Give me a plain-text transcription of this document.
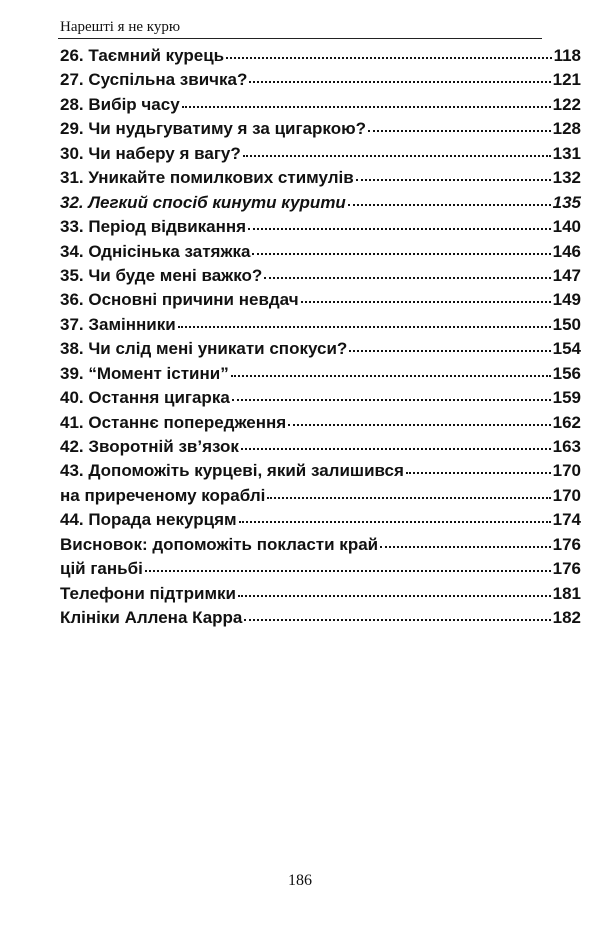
Нарешті я не курю
26. Таємний курець	118
27. Суспільна звичка?	121
28. Вибір часу	122
29. Чи нудьгуватиму я за цигаркою?	128
30. Чи наберу я вагу?	131
31. Уникайте помилкових стимулів	132
32. Легкий спосіб кинути курити	135
33. Період відвикання	140
34. Однісінька затяжка	146
35. Чи буде мені важко?	147
36. Основні причини невдач	149
37. Замінники	150
38. Чи слід мені уникати спокуси?	154
39. “Момент істини”	156
40. Остання цигарка	159
41. Останнє попередження	162
42. Зворотній зв’язок	163
43. Допоможіть курцеві, який залишився	170
на приреченому кораблі	170
44. Порада некурцям	174
Висновок: допоможіть покласти край	176
цій ганьбі	176
Телефони підтримки	181
Клініки Аллена Карра	182
186
